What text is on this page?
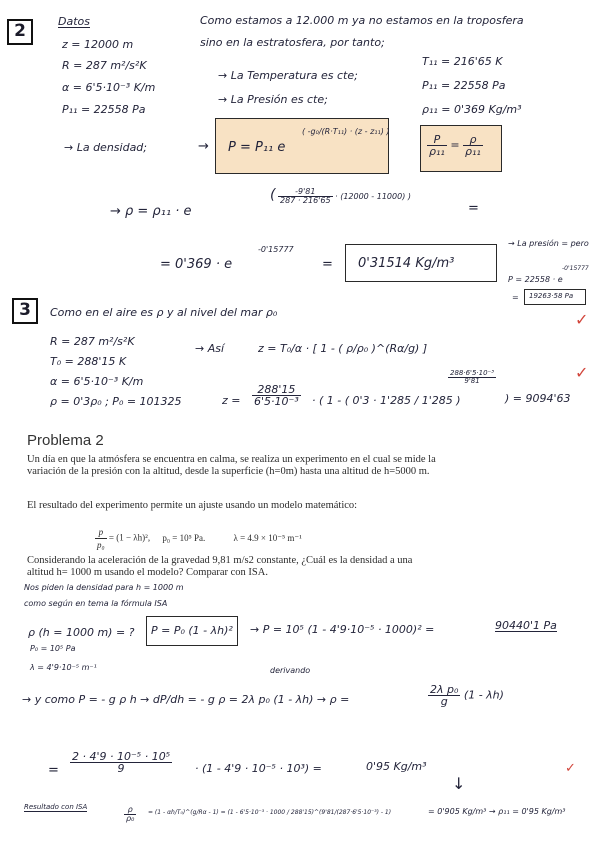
2	Datos
z = 12000 m
R = 287 m²/s²K
α = 6'5·10⁻³ K/m
P₁₁ = 22558 Pa
Como estamos a 12.000 m ya no estamos en la troposfera
sino en la estratosfera, por tanto;
→ La Temperatura es cte;
→ La Presión es cte;
T₁₁ = 216'65 K
P₁₁ = 22558 Pa
ρ₁₁ = 0'369 Kg/m³
→ La densidad;	→ P = P₁₁ e
( -g₀/(R·T₁₁) · (z - z₁₁) )
$\frac{P}{\text{ρ₁₁}} = \frac{\rho}{\text{ρ₁₁}}$
→ ρ = ρ₁₁ · e
( $\frac{-9'81}{287 \cdot 216'65} \cdot (12000 - 11000)$ )
=
= 0'369 · e
-0'15777
= 0'31514 Kg/m³
→ La presión = pero
P = 22558 · e
-0'15777
= 19263·58 Pa
✓
3	Como en el aire es ρ y al nivel del mar ρ₀
R = 287 m²/s²K
T₀ = 288'15 K
α = 6'5·10⁻³ K/m
ρ = 0'3ρ₀ ; P₀ = 101325
→ Así	z = T₀/α · [ 1 - ( ρ/ρ₀ )^(Rα/g) ]
$z = \frac{288'15}{\text{6'5·10⁻³}}$ · ( 1 - ( 0'3 · 1'285 / 1'285 )
$\frac{\text{288·6'5·10⁻³}}{9'81}$
) = 9094'63
✓
Problema 2
Un día en que la atmósfera se encuentra en calma, se realiza un experimento en el cual se mide la variación de la presión con la altitud, desde la superficie (h=0m) hasta una altitud de h=5000 m.
El resultado del experimento permite un ajuste usando un modelo matemático:
$\frac{p}{\text{p₀}} = (1 - \lambda h)^2$, p₀ = 10⁵ Pa.	λ = 4.9 × 10⁻⁵ m⁻¹
Considerando la aceleración de la gravedad 9,81 m/s2 constante, ¿Cuál es la densidad a una altitud h= 1000 m usando el modelo? Comparar con ISA.
Nos piden la densidad para h = 1000 m
como según en tema la fórmula ISA
ρ (h = 1000 m) = ? P = P₀ (1 - λh)² → P = 10⁵ (1 - 4'9·10⁻⁵ · 1000)² =	90440'1 Pa
P₀ = 10⁵ Pa
λ = 4'9·10⁻⁵ m⁻¹	derivando
→ y como P = - g ρ h → dP/dh = - g ρ = 2λ p₀ (1 - λh) → ρ =	$\frac{\text{2λ p₀}}{g} (1 - \lambda h)$
= $\frac{\text{2 · 4'9 · 10⁻⁵ · 10⁵}}{9} \cdot (1 - 4'9 \cdot 10^{-5} \cdot 10^3)$ =	0'95 Kg/m³
↓
✓
Resultado con ISA	$\frac{\rho}{\text{ρ₀}} = (1$ - αh/T₀)^(g/Rα - 1) = (1 - 6'5·10⁻³ · 1000 / 288'15)^(9'81/(287·6'5·10⁻³) - 1)	= 0'905 Kg/m³ → ρ₁₁ = 0'95 Kg/m³
